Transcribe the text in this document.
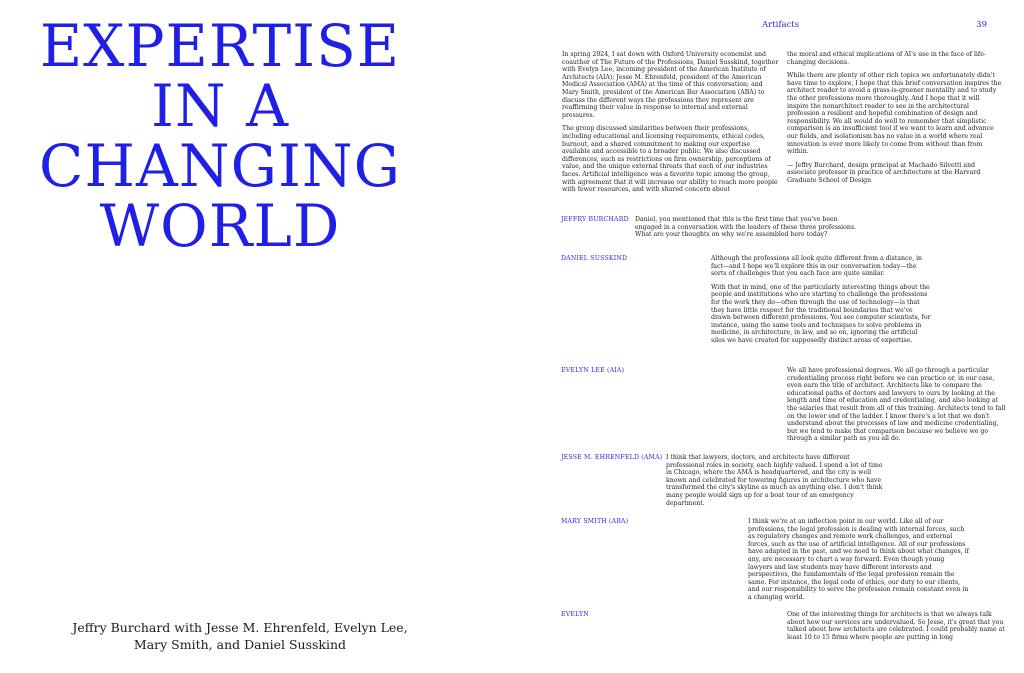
EXPERTISE
IN A
CHANGING
WORLD
Jeffry Burchard with Jesse M. Ehrenfeld, Evelyn Lee,
Mary Smith, and Daniel Susskind
Artifacts	39

In spring 2024, I sat down with Oxford University economist and coauthor of The Future of the Professions, Daniel Susskind, together with Evelyn Lee, incoming president of the American Institute of Architects (AIA); Jesse M. Ehrenfeld, president of the American Medical Association (AMA) at the time of this conversation; and Mary Smith, president of the American Bar Association (ABA) to discuss the different ways the professions they represent are reaffirming their value in response to internal and external pressures.

The group discussed similarities between their professions, including educational and licensing requirements, ethical codes, burnout, and a shared commitment to making our expertise available and accessible to a broader public. We also discussed differences, such as restrictions on firm ownership, perceptions of value, and the unique external threats that each of our industries faces. Artificial intelligence was a favorite topic among the group, with agreement that it will increase our ability to reach more people with fewer resources, and with shared concern about

the moral and ethical implications of AI's use in the face of life-changing decisions.

While there are plenty of other rich topics we unfortunately didn't have time to explore, I hope that this brief conversation inspires the architect reader to avoid a grass-is-greener mentality and to study the other professions more thoroughly. And I hope that it will inspire the nonarchitect reader to see in the architectural profession a resilient and hopeful combination of design and responsibility. We all would do well to remember that simplistic comparison is an insufficient tool if we want to learn and advance our fields, and isolationism has no value in a world where real innovation is ever more likely to come from without than from within.

— Jeffry Burchard, design principal at Machado Silvetti and associate professor in practice of architecture at the Harvard Graduate School of Design

JEFFRY BURCHARD Daniel, you mentioned that this is the first time that you've been engaged in a conversation with the leaders of these three professions. What are your thoughts on why we're assembled here today?

DANIEL SUSSKIND	Although the professions all look quite different from a distance, in fact—and I hope we'll explore this in our conversation today—the sorts of challenges that you each face are quite similar.

With that in mind, one of the particularly interesting things about the people and institutions who are starting to challenge the professions for the work they do—often through the use of technology—is that they have little respect for the traditional boundaries that we've drawn between different professions. You see computer scientists, for instance, using the same tools and techniques to solve problems in medicine, in architecture, in law, and so on, ignoring the artificial silos we have created for supposedly distinct areas of expertise.

EVELYN LEE (AIA)	We all have professional degrees. We all go through a particular credentialing process right before we can practice or, in our case, even earn the title of architect. Architects like to compare the educational paths of doctors and lawyers to ours by looking at the length and time of education and credentialing, and also looking at the salaries that result from all of this training. Architects tend to fall on the lower end of the ladder. I know there's a lot that we don't understand about the processes of law and medicine credentialing, but we tend to make that comparison because we believe we go through a similar path as you all do.

JESSE M. EHRENFELD (AMA) I think that lawyers, doctors, and architects have different professional roles in society, each highly valued. I spend a lot of time in Chicago, where the AMA is headquartered, and the city is well known and celebrated for towering figures in architecture who have transformed the city's skyline as much as anything else. I don't think many people would sign up for a boat tour of an emergency department.

MARY SMITH (ABA)	I think we're at an inflection point in our world. Like all of our professions, the legal profession is dealing with internal forces, such as regulatory changes and remote work challenges, and external forces, such as the use of artificial intelligence. All of our professions have adapted in the past, and we need to think about what changes, if any, are necessary to chart a way forward. Even though young lawyers and law students may have different interests and perspectives, the fundamentals of the legal profession remain the same. For instance, the legal code of ethics, our duty to our clients, and our responsibility to serve the profession remain constant even in a changing world.

EVELYN	One of the interesting things for architects is that we always talk about how our services are undervalued. So Jesse, it's great that you talked about how architects are celebrated. I could probably name at least 10 to 15 firms where people are putting in long
